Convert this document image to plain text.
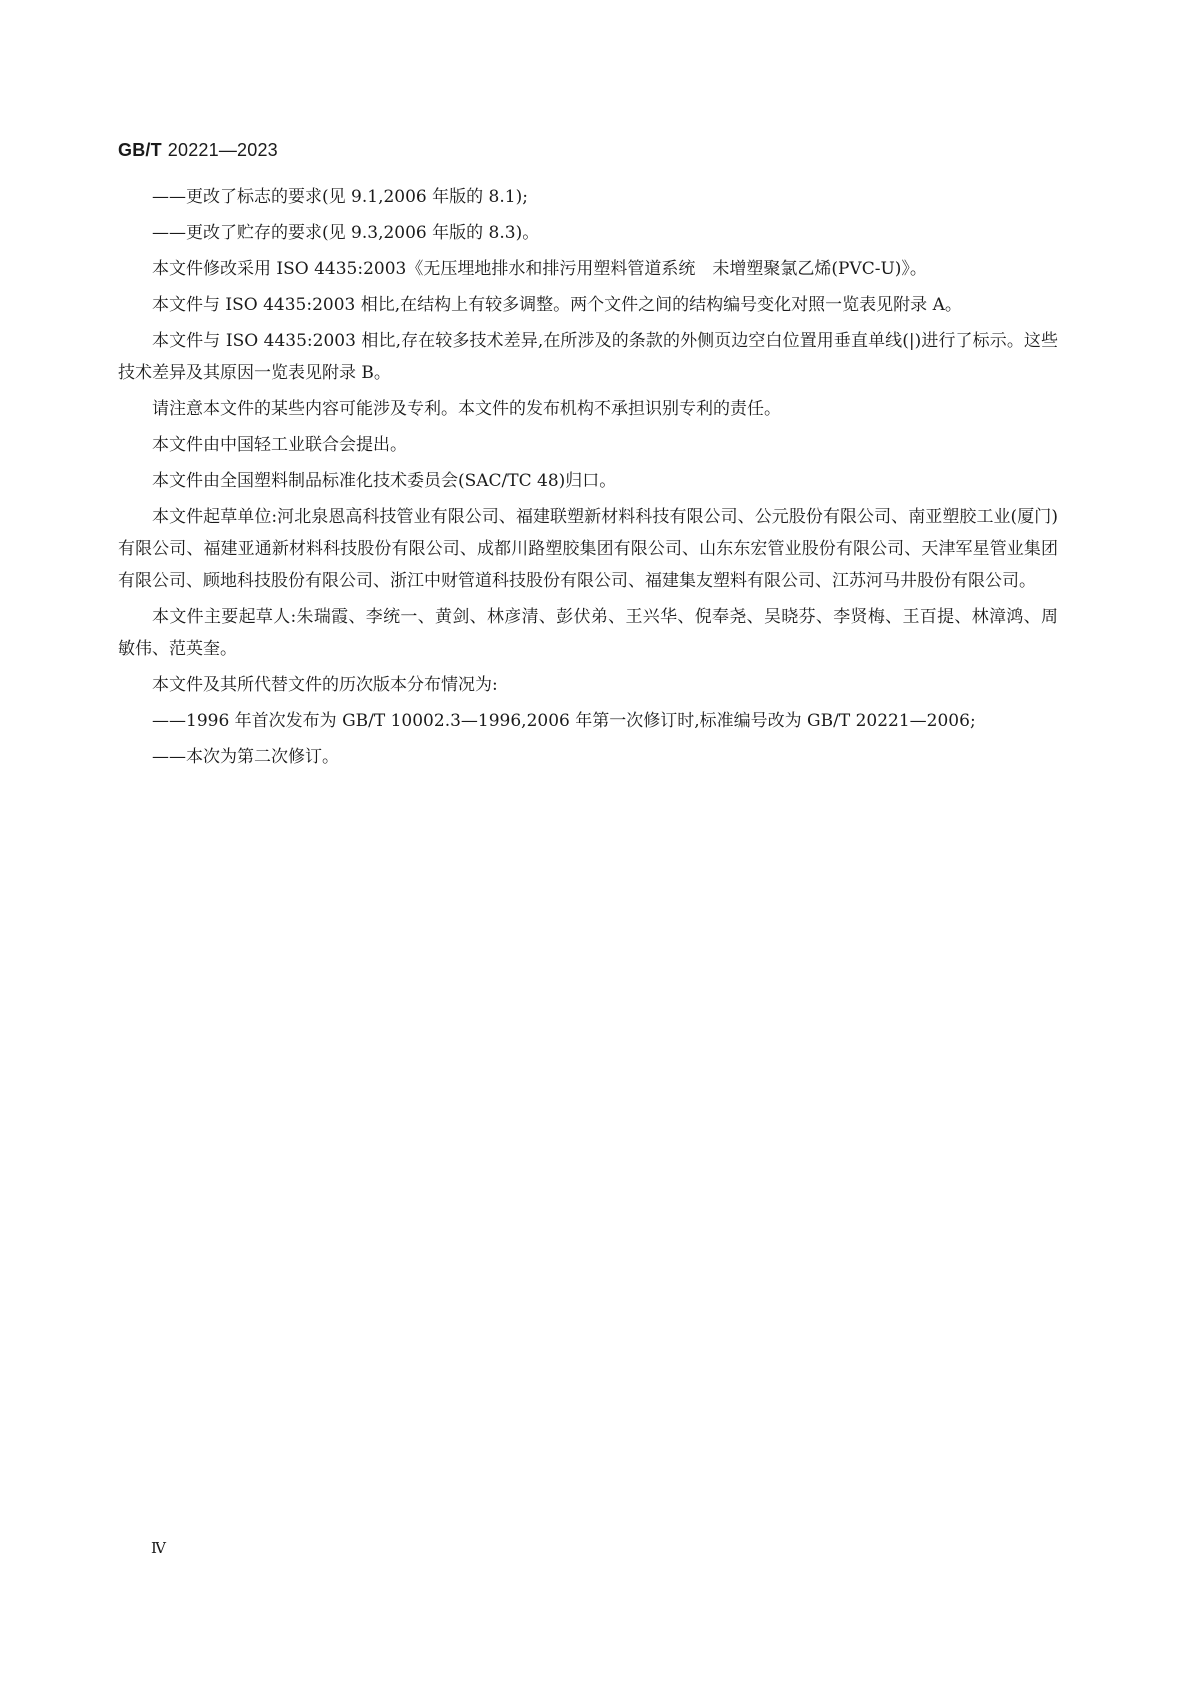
GB/T 20221—2023

——更改了标志的要求(见 9.1,2006 年版的 8.1);

——更改了贮存的要求(见 9.3,2006 年版的 8.3)。

本文件修改采用 ISO 4435:2003《无压埋地排水和排污用塑料管道系统　未增塑聚氯乙烯(PVC-U)》。

本文件与 ISO 4435:2003 相比,在结构上有较多调整。两个文件之间的结构编号变化对照一览表见附录 A。

本文件与 ISO 4435:2003 相比,存在较多技术差异,在所涉及的条款的外侧页边空白位置用垂直单线(|)进行了标示。这些技术差异及其原因一览表见附录 B。

请注意本文件的某些内容可能涉及专利。本文件的发布机构不承担识别专利的责任。

本文件由中国轻工业联合会提出。

本文件由全国塑料制品标准化技术委员会(SAC/TC 48)归口。

本文件起草单位:河北泉恩高科技管业有限公司、福建联塑新材料科技有限公司、公元股份有限公司、南亚塑胶工业(厦门)有限公司、福建亚通新材料科技股份有限公司、成都川路塑胶集团有限公司、山东东宏管业股份有限公司、天津军星管业集团有限公司、顾地科技股份有限公司、浙江中财管道科技股份有限公司、福建集友塑料有限公司、江苏河马井股份有限公司。

本文件主要起草人:朱瑞霞、李统一、黄剑、林彦清、彭伏弟、王兴华、倪奉尧、吴晓芬、李贤梅、王百提、林漳鸿、周敏伟、范英奎。

本文件及其所代替文件的历次版本分布情况为:

——1996 年首次发布为 GB/T 10002.3—1996,2006 年第一次修订时,标准编号改为 GB/T 20221—2006;

——本次为第二次修订。

Ⅳ
